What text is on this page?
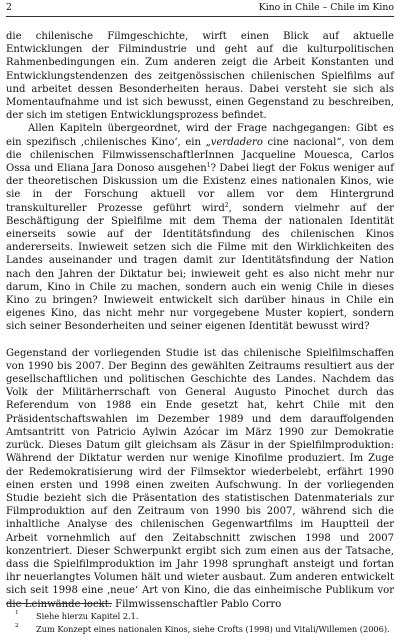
2	Kino in Chile – Chile im Kino

die chilenische Filmgeschichte, wirft einen Blick auf aktuelle Entwicklungen der Filmindustrie und geht auf die kulturpolitischen Rahmenbedingungen ein. Zum anderen zeigt die Arbeit Konstanten und Entwicklungstendenzen des zeitgenössischen chilenischen Spielfilms auf und arbeitet dessen Besonderheiten heraus. Dabei versteht sie sich als Momentaufnahme und ist sich bewusst, einen Gegenstand zu beschreiben, der sich im stetigen Entwicklungsprozess befindet.

Allen Kapiteln übergeordnet, wird der Frage nachgegangen: Gibt es ein spezifisch ‚chilenisches Kino‘, ein „verdadero cine nacional“, von dem die chilenischen FilmwissenschaftlerInnen Jacqueline Mouesca, Carlos Ossa und Eliana Jara Donoso ausgehen$^1$? Dabei liegt der Fokus weniger auf der theoretischen Diskussion um die Existenz eines nationalen Kinos, wie sie in der Forschung aktuell vor allem vor dem Hintergrund transkultureller Prozesse geführt wird$^2$, sondern vielmehr auf der Beschäftigung der Spielfilme mit dem Thema der nationalen Identität einerseits sowie auf der Identitätsfindung des chilenischen Kinos andererseits. Inwieweit setzen sich die Filme mit den Wirklichkeiten des Landes auseinander und tragen damit zur Identitätsfindung der Nation nach den Jahren der Diktatur bei; inwieweit geht es also nicht mehr nur darum, Kino in Chile zu machen, sondern auch ein wenig Chile in dieses Kino zu bringen? Inwieweit entwickelt sich darüber hinaus in Chile ein eigenes Kino, das nicht mehr nur vorgegebene Muster kopiert, sondern sich seiner Besonderheiten und seiner eigenen Identität bewusst wird?

Gegenstand der vorliegenden Studie ist das chilenische Spielfilmschaffen von 1990 bis 2007. Der Beginn des gewählten Zeitraums resultiert aus der gesellschaftlichen und politischen Geschichte des Landes. Nachdem das Volk der Militärherrschaft von General Augusto Pinochet durch das Referendum von 1988 ein Ende gesetzt hat, kehrt Chile mit den Präsidentschaftswahlen im Dezember 1989 und dem darauffolgenden Amtsantritt von Patricio Aylwin Azócar im März 1990 zur Demokratie zurück. Dieses Datum gilt gleichsam als Zäsur in der Spielfilmproduktion: Während der Diktatur werden nur wenige Kinofilme produziert. Im Zuge der Redemokratisierung wird der Filmsektor wiederbelebt, erfährt 1990 einen ersten und 1998 einen zweiten Aufschwung. In der vorliegenden Studie bezieht sich die Präsentation des statistischen Datenmaterials zur Filmproduktion auf den Zeitraum von 1990 bis 2007, während sich die inhaltliche Analyse des chilenischen Gegenwartfilms im Hauptteil der Arbeit vornehmlich auf den Zeitabschnitt zwischen 1998 und 2007 konzentriert. Dieser Schwerpunkt ergibt sich zum einen aus der Tatsache, dass die Spielfilmproduktion im Jahr 1998 sprunghaft ansteigt und fortan ihr neuerlangtes Volumen hält und wieter ausbaut. Zum anderen entwickelt sich seit 1998 eine ‚neue‘ Art von Kino, die das einheimische Publikum vor die Leinwände lockt. Filmwissenschaftler Pablo Corro

1 Siehe hierzu Kapitel 2.1.
2 Zum Konzept eines nationalen Kinos, siehe Crofts (1998) und Vitali/Willemen (2006).
